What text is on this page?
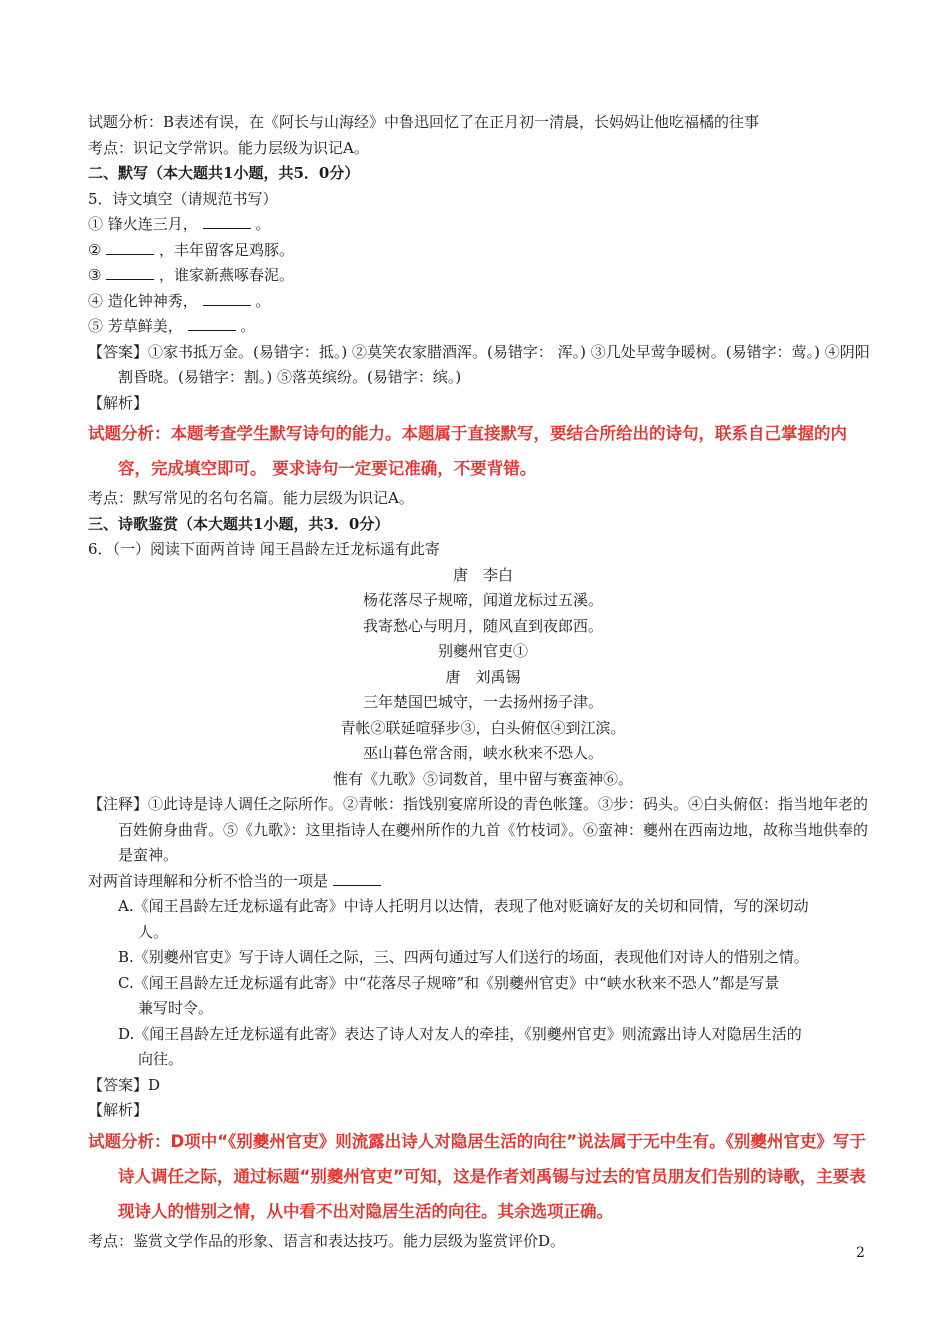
试题分析：B表述有误，在《阿长与山海经》中鲁迅回忆了在正月初一清晨，长妈妈让他吃福橘的往事
考点：识记文学常识。能力层级为识记A。
二、默写（本大题共1小题，共5．0分）
5．诗文填空（请规范书写）
① 锋火连三月，	。
②	，丰年留客足鸡豚。
③	，谁家新燕啄春泥。
④ 造化钟神秀，	。
⑤ 芳草鲜美，	。
【答案】①家书抵万金。(易错字：抵。) ②莫笑农家腊酒浑。(易错字： 浑。) ③几处早莺争暖树。(易错字：莺。) ④阴阳割昏晓。(易错字：割。) ⑤落英缤纷。(易错字：缤。)
【解析】
试题分析：本题考查学生默写诗句的能力。本题属于直接默写，要结合所给出的诗句，联系自己掌握的内容，完成填空即可。 要求诗句一定要记准确，不要背错。
考点：默写常见的名句名篇。能力层级为识记A。
三、诗歌鉴赏（本大题共1小题，共3．0分）
6．（一）阅读下面两首诗 闻王昌龄左迁龙标遥有此寄
唐　李白
杨花落尽子规啼，闻道龙标过五溪。
我寄愁心与明月，随风直到夜郎西。
别夔州官吏①
唐　刘禹锡
三年楚国巴城守，一去扬州扬子津。
青帐②联延喧驿步③，白头俯伛④到江滨。
巫山暮色常含雨，峡水秋来不恐人。
惟有《九歌》⑤词数首，里中留与赛蛮神⑥。
【注释】①此诗是诗人调任之际所作。②青帐：指饯别宴席所设的青色帐篷。③步：码头。④白头俯伛：指当地年老的百姓俯身曲背。⑤《九歌》：这里指诗人在夔州所作的九首《竹枝词》。⑥蛮神：夔州在西南边地，故称当地供奉的是蛮神。
对两首诗理解和分析不恰当的一项是
A.《闻王昌龄左迁龙标遥有此寄》中诗人托明月以达情，表现了他对贬谪好友的关切和同情，写的深切动
人。
B.《别夔州官吏》写于诗人调任之际，三、四两句通过写人们送行的场面，表现他们对诗人的惜别之情。
C.《闻王昌龄左迁龙标遥有此寄》中“花落尽子规啼”和《别夔州官吏》中“峡水秋来不恐人”都是写景
兼写时令。
D.《闻王昌龄左迁龙标遥有此寄》表达了诗人对友人的牵挂，《别夔州官吏》则流露出诗人对隐居生活的
向往。
【答案】D
【解析】
试题分析：D项中“《别夔州官吏》则流露出诗人对隐居生活的向往”说法属于无中生有。《别夔州官吏》写于诗人调任之际，通过标题“别夔州官吏”可知，这是作者刘禹锡与过去的官员朋友们告别的诗歌，主要表现诗人的惜别之情，从中看不出对隐居生活的向往。其余选项正确。
考点：鉴赏文学作品的形象、语言和表达技巧。能力层级为鉴赏评价D。
2
